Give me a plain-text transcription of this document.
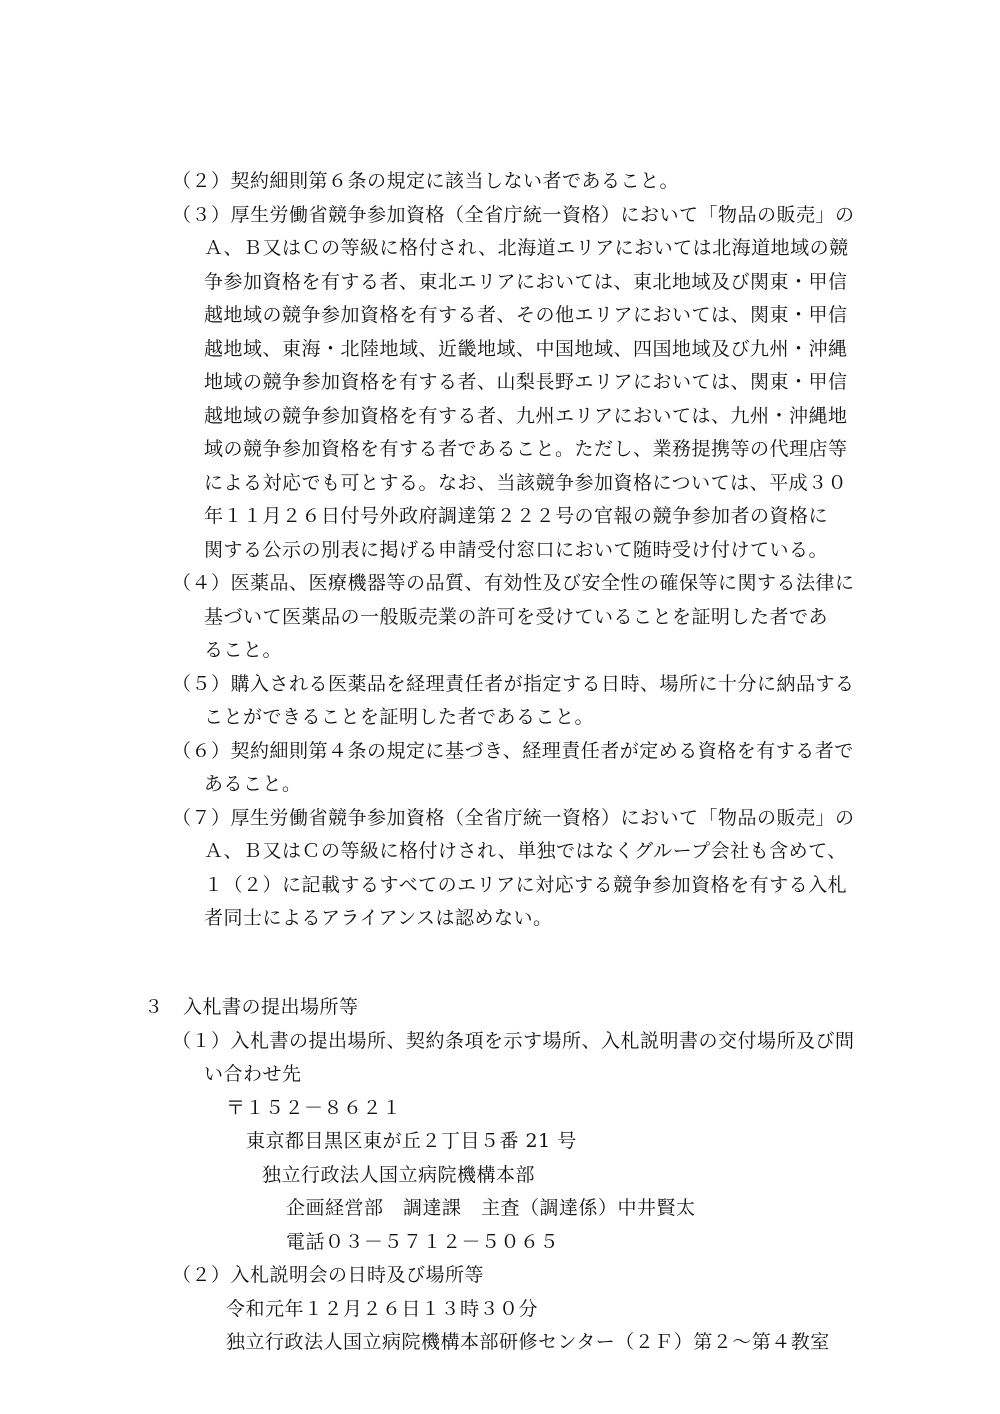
（２）契約細則第６条の規定に該当しない者であること。
（３）厚生労働省競争参加資格（全省庁統一資格）において「物品の販売」の
Ａ、Ｂ又はＣの等級に格付され、北海道エリアにおいては北海道地域の競
争参加資格を有する者、東北エリアにおいては、東北地域及び関東・甲信
越地域の競争参加資格を有する者、その他エリアにおいては、関東・甲信
越地域、東海・北陸地域、近畿地域、中国地域、四国地域及び九州・沖縄
地域の競争参加資格を有する者、山梨長野エリアにおいては、関東・甲信
越地域の競争参加資格を有する者、九州エリアにおいては、九州・沖縄地
域の競争参加資格を有する者であること。ただし、業務提携等の代理店等
による対応でも可とする。なお、当該競争参加資格については、平成３０
年１１月２６日付号外政府調達第２２２号の官報の競争参加者の資格に
関する公示の別表に掲げる申請受付窓口において随時受け付けている。
（４）医薬品、医療機器等の品質、有効性及び安全性の確保等に関する法律に
基づいて医薬品の一般販売業の許可を受けていることを証明した者であ
ること。
（５）購入される医薬品を経理責任者が指定する日時、場所に十分に納品する
ことができることを証明した者であること。
（６）契約細則第４条の規定に基づき、経理責任者が定める資格を有する者で
あること。
（７）厚生労働省競争参加資格（全省庁統一資格）において「物品の販売」の
Ａ、Ｂ又はＣの等級に格付けされ、単独ではなくグループ会社も含めて、
１（２）に記載するすべてのエリアに対応する競争参加資格を有する入札
者同士によるアライアンスは認めない。
３　入札書の提出場所等
（１）入札書の提出場所、契約条項を示す場所、入札説明書の交付場所及び問
い合わせ先
〒１５２－８６２１
東京都目黒区東が丘２丁目５番 21 号
独立行政法人国立病院機構本部
企画経営部　調達課　主査（調達係）中井賢太
電話０３－５７１２－５０６５
（２）入札説明会の日時及び場所等
令和元年１２月２６日１３時３０分
独立行政法人国立病院機構本部研修センター（２Ｆ）第２～第４教室
